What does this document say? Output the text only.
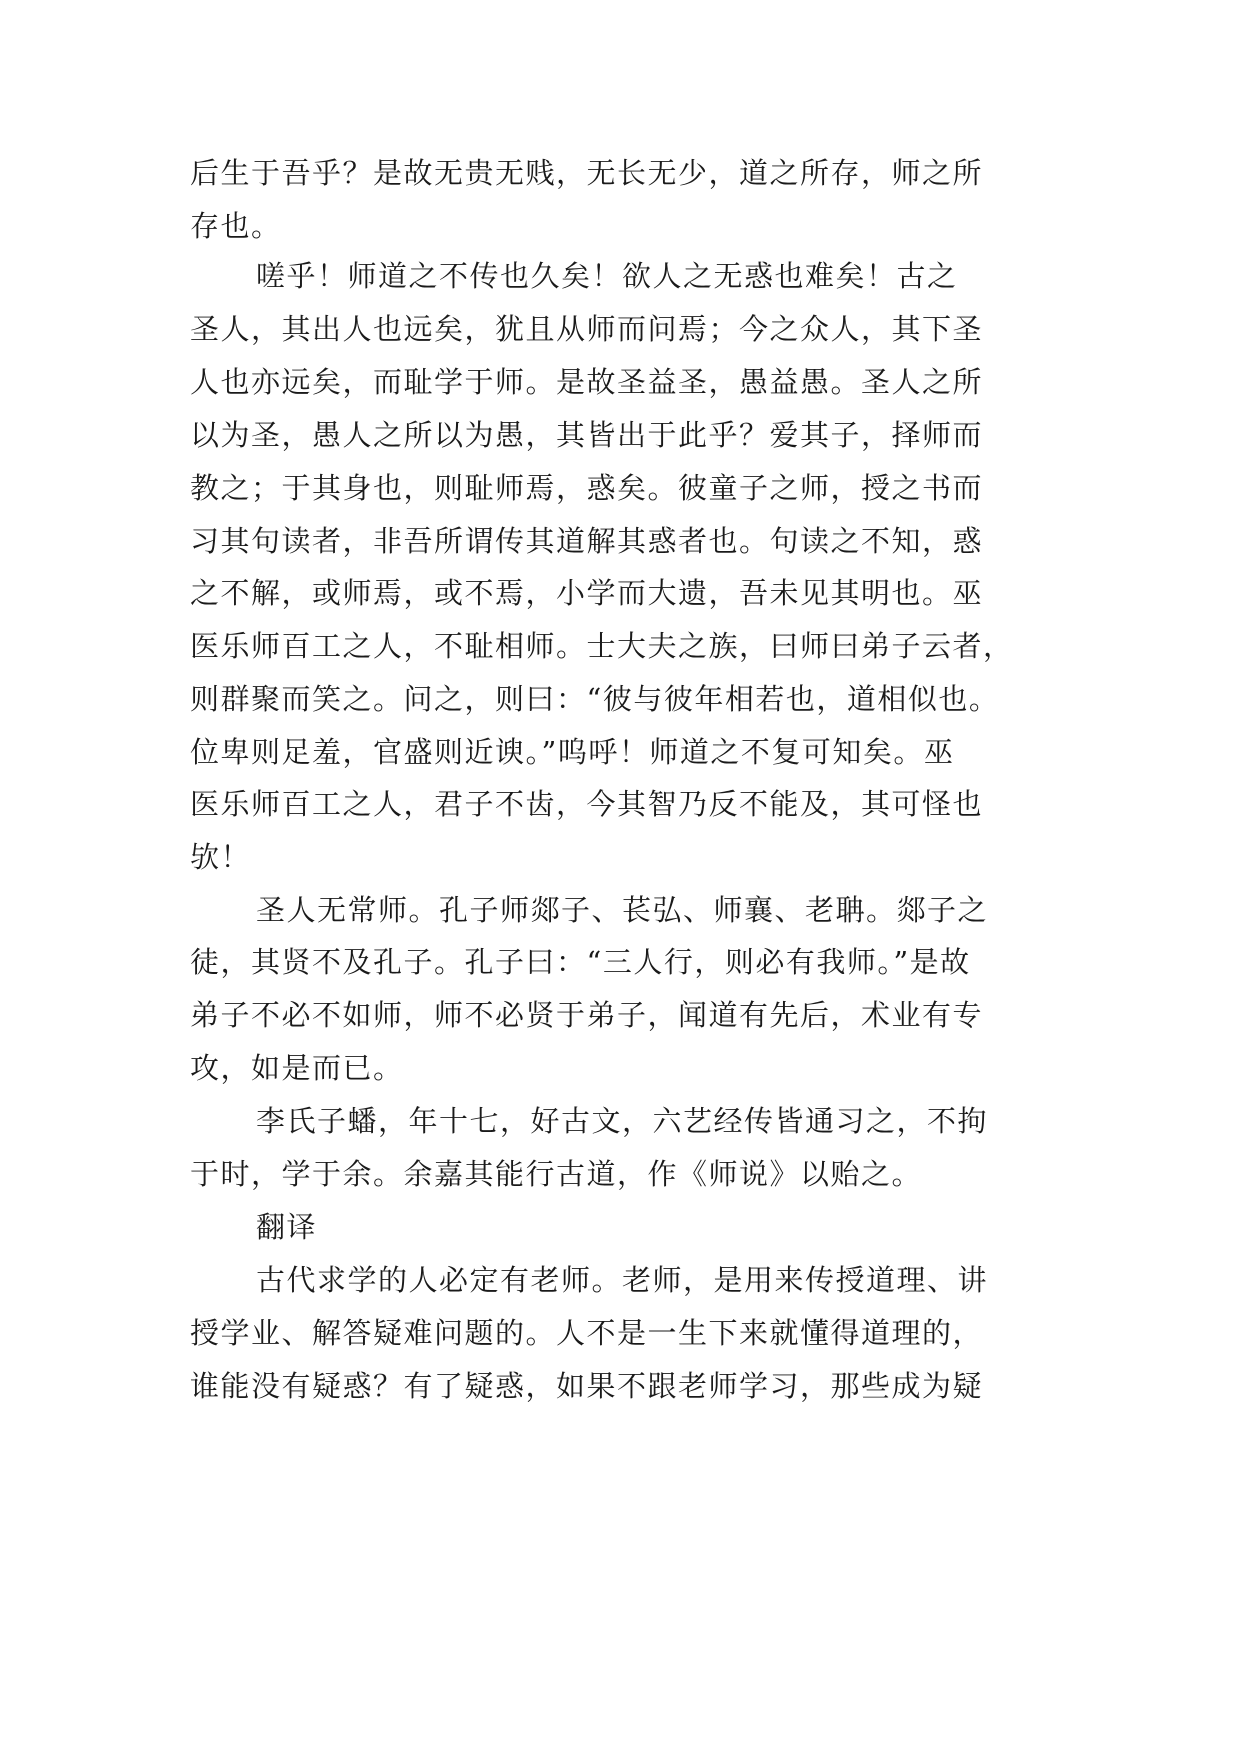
后生于吾乎？是故无贵无贱，无长无少，道之所存，师之所

存也。

嗟乎！师道之不传也久矣！欲人之无惑也难矣！古之

圣人，其出人也远矣，犹且从师而问焉；今之众人，其下圣

人也亦远矣，而耻学于师。是故圣益圣，愚益愚。圣人之所

以为圣，愚人之所以为愚，其皆出于此乎？爱其子，择师而

教之；于其身也，则耻师焉，惑矣。彼童子之师，授之书而

习其句读者，非吾所谓传其道解其惑者也。句读之不知，惑

之不解，或师焉，或不焉，小学而大遗，吾未见其明也。巫

医乐师百工之人，不耻相师。士大夫之族，曰师曰弟子云者，

则群聚而笑之。问之，则曰：“彼与彼年相若也，道相似也。

位卑则足羞，官盛则近谀。”呜呼！师道之不复可知矣。巫

医乐师百工之人，君子不齿，今其智乃反不能及，其可怪也

欤！

圣人无常师。孔子师郯子、苌弘、师襄、老聃。郯子之

徒，其贤不及孔子。孔子曰：“三人行，则必有我师。”是故

弟子不必不如师，师不必贤于弟子，闻道有先后，术业有专

攻，如是而已。

李氏子蟠，年十七，好古文，六艺经传皆通习之，不拘

于时，学于余。余嘉其能行古道，作《师说》以贻之。

翻译

古代求学的人必定有老师。老师，是用来传授道理、讲

授学业、解答疑难问题的。人不是一生下来就懂得道理的，

谁能没有疑惑？有了疑惑，如果不跟老师学习，那些成为疑
